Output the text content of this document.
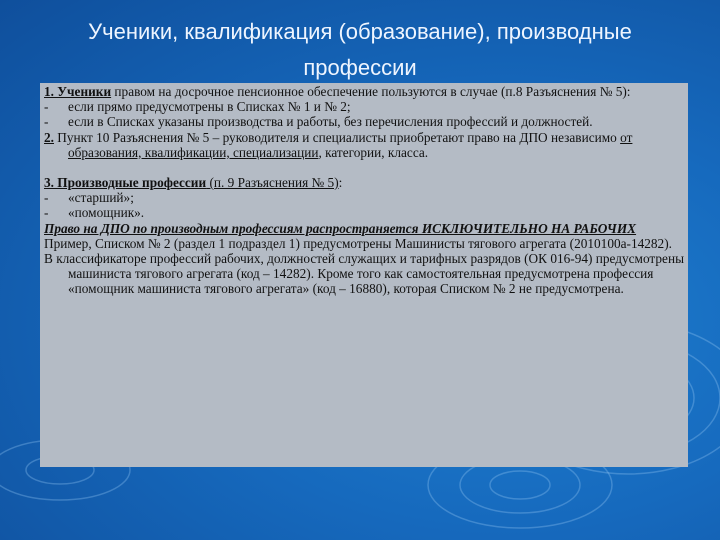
Ученики, квалификация (образование), производные профессии

1. Ученики правом на досрочное пенсионное обеспечение пользуются в случае (п.8 Разъяснения № 5):

-	если прямо предусмотрены в Списках № 1 и № 2;
-	если в Списках указаны производства и работы, без перечисления профессий и должностей.

2. Пункт 10 Разъяснения № 5 – руководителя и специалисты приобретают право на ДПО независимо от образования, квалификации, специализации, категории, класса.

3. Производные профессии (п. 9 Разъяснения № 5):

-	«старший»;
-	«помощник».

Право на ДПО по производным профессиям распространяется ИСКЛЮЧИТЕЛЬНО НА РАБОЧИХ

Пример, Списком № 2 (раздел 1 подраздел 1) предусмотрены Машинисты тягового агрегата (2010100а-14282).

В классификаторе профессий рабочих, должностей служащих и тарифных разрядов (ОК 016-94) предусмотрены машиниста тягового агрегата (код – 14282). Кроме того как самостоятельная предусмотрена профессия «помощник машиниста тягового агрегата» (код – 16880), которая Списком № 2 не предусмотрена.
